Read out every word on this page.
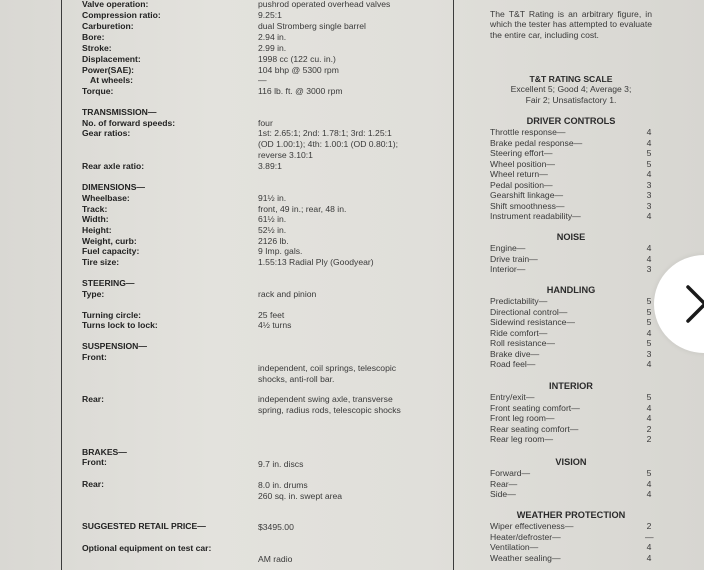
Valve operation:	pushrod operated overhead valves
Compression ratio:	9.25:1
Carburetion:	dual Stromberg single barrel
Bore:	2.94 in.
Stroke:	2.99 in.
Displacement:	1998 cc (122 cu. in.)
Power(SAE):	104 bhp @ 5300 rpm
At wheels:	—
Torque:	116 lb. ft. @ 3000 rpm
TRANSMISSION—
No. of forward speeds:	four
Gear ratios:	1st: 2.65:1; 2nd: 1.78:1; 3rd: 1.25:1
(OD 1.00:1); 4th: 1.00:1 (OD 0.80:1);
reverse 3.10:1
Rear axle ratio:	3.89:1
DIMENSIONS—
Wheelbase:	91½ in.
Track:	front, 49 in.; rear, 48 in.
Width:	61½ in.
Height:	52½ in.
Weight, curb:	2126 lb.
Fuel capacity:	9 Imp. gals.
Tire size:	1.55:13 Radial Ply (Goodyear)
STEERING—
Type:	rack and pinion
Turning circle:	25 feet
Turns lock to lock:	4½ turns
SUSPENSION—
Front:
independent, coil springs, telescopic
shocks, anti-roll bar.
Rear:	independent swing axle, transverse
spring, radius rods, telescopic shocks
BRAKES—
Front:	9.7 in. discs
Rear:	8.0 in. drums
260 sq. in. swept area
SUGGESTED RETAIL PRICE—	$3495.00
Optional equipment on test car:
AM radio
The T&T Rating is an arbitrary figure, in which the tester has attempted to evaluate the entire car, including cost.
T&T RATING SCALE
Excellent 5; Good 4; Average 3;
Fair 2; Unsatisfactory 1.
DRIVER CONTROLS
Throttle response—	4
Brake pedal response—	4
Steering effort—	5
Wheel position—	5
Wheel return—	4
Pedal position—	3
Gearshift linkage—	3
Shift smoothness—	3
Instrument readability—	4
NOISE
Engine—	4
Drive train—	4
Interior—	3
HANDLING
Predictability—	5
Directional control—	5
Sidewind resistance—	5
Ride comfort—	4
Roll resistance—	5
Brake dive—	3
Road feel—	4
INTERIOR
Entry/exit—	5
Front seating comfort—	4
Front leg room—	4
Rear seating comfort—	2
Rear leg room—	2
VISION
Forward—	5
Rear—	4
Side—	4
WEATHER PROTECTION
Wiper effectiveness—	2
Heater/defroster—	—
Ventilation—	4
Weather sealing—	4
